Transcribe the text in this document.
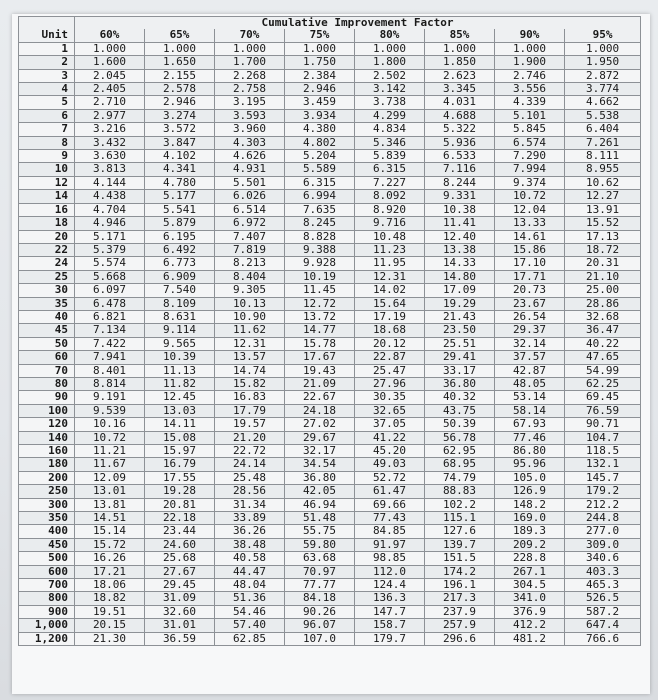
	Cumulative Improvement Factor							
Unit	60%	65%	70%	75%	80%	85%	90%	95%
1	1.000	1.000	1.000	1.000	1.000	1.000	1.000	1.000
2	1.600	1.650	1.700	1.750	1.800	1.850	1.900	1.950
3	2.045	2.155	2.268	2.384	2.502	2.623	2.746	2.872
4	2.405	2.578	2.758	2.946	3.142	3.345	3.556	3.774
5	2.710	2.946	3.195	3.459	3.738	4.031	4.339	4.662
6	2.977	3.274	3.593	3.934	4.299	4.688	5.101	5.538
7	3.216	3.572	3.960	4.380	4.834	5.322	5.845	6.404
8	3.432	3.847	4.303	4.802	5.346	5.936	6.574	7.261
9	3.630	4.102	4.626	5.204	5.839	6.533	7.290	8.111
10	3.813	4.341	4.931	5.589	6.315	7.116	7.994	8.955
12	4.144	4.780	5.501	6.315	7.227	8.244	9.374	10.62
14	4.438	5.177	6.026	6.994	8.092	9.331	10.72	12.27
16	4.704	5.541	6.514	7.635	8.920	10.38	12.04	13.91
18	4.946	5.879	6.972	8.245	9.716	11.41	13.33	15.52
20	5.171	6.195	7.407	8.828	10.48	12.40	14.61	17.13
22	5.379	6.492	7.819	9.388	11.23	13.38	15.86	18.72
24	5.574	6.773	8.213	9.928	11.95	14.33	17.10	20.31
25	5.668	6.909	8.404	10.19	12.31	14.80	17.71	21.10
30	6.097	7.540	9.305	11.45	14.02	17.09	20.73	25.00
35	6.478	8.109	10.13	12.72	15.64	19.29	23.67	28.86
40	6.821	8.631	10.90	13.72	17.19	21.43	26.54	32.68
45	7.134	9.114	11.62	14.77	18.68	23.50	29.37	36.47
50	7.422	9.565	12.31	15.78	20.12	25.51	32.14	40.22
60	7.941	10.39	13.57	17.67	22.87	29.41	37.57	47.65
70	8.401	11.13	14.74	19.43	25.47	33.17	42.87	54.99
80	8.814	11.82	15.82	21.09	27.96	36.80	48.05	62.25
90	9.191	12.45	16.83	22.67	30.35	40.32	53.14	69.45
100	9.539	13.03	17.79	24.18	32.65	43.75	58.14	76.59
120	10.16	14.11	19.57	27.02	37.05	50.39	67.93	90.71
140	10.72	15.08	21.20	29.67	41.22	56.78	77.46	104.7
160	11.21	15.97	22.72	32.17	45.20	62.95	86.80	118.5
180	11.67	16.79	24.14	34.54	49.03	68.95	95.96	132.1
200	12.09	17.55	25.48	36.80	52.72	74.79	105.0	145.7
250	13.01	19.28	28.56	42.05	61.47	88.83	126.9	179.2
300	13.81	20.81	31.34	46.94	69.66	102.2	148.2	212.2
350	14.51	22.18	33.89	51.48	77.43	115.1	169.0	244.8
400	15.14	23.44	36.26	55.75	84.85	127.6	189.3	277.0
450	15.72	24.60	38.48	59.80	91.97	139.7	209.2	309.0
500	16.26	25.68	40.58	63.68	98.85	151.5	228.8	340.6
600	17.21	27.67	44.47	70.97	112.0	174.2	267.1	403.3
700	18.06	29.45	48.04	77.77	124.4	196.1	304.5	465.3
800	18.82	31.09	51.36	84.18	136.3	217.3	341.0	526.5
900	19.51	32.60	54.46	90.26	147.7	237.9	376.9	587.2
1,000	20.15	31.01	57.40	96.07	158.7	257.9	412.2	647.4
1,200	21.30	36.59	62.85	107.0	179.7	296.6	481.2	766.6
